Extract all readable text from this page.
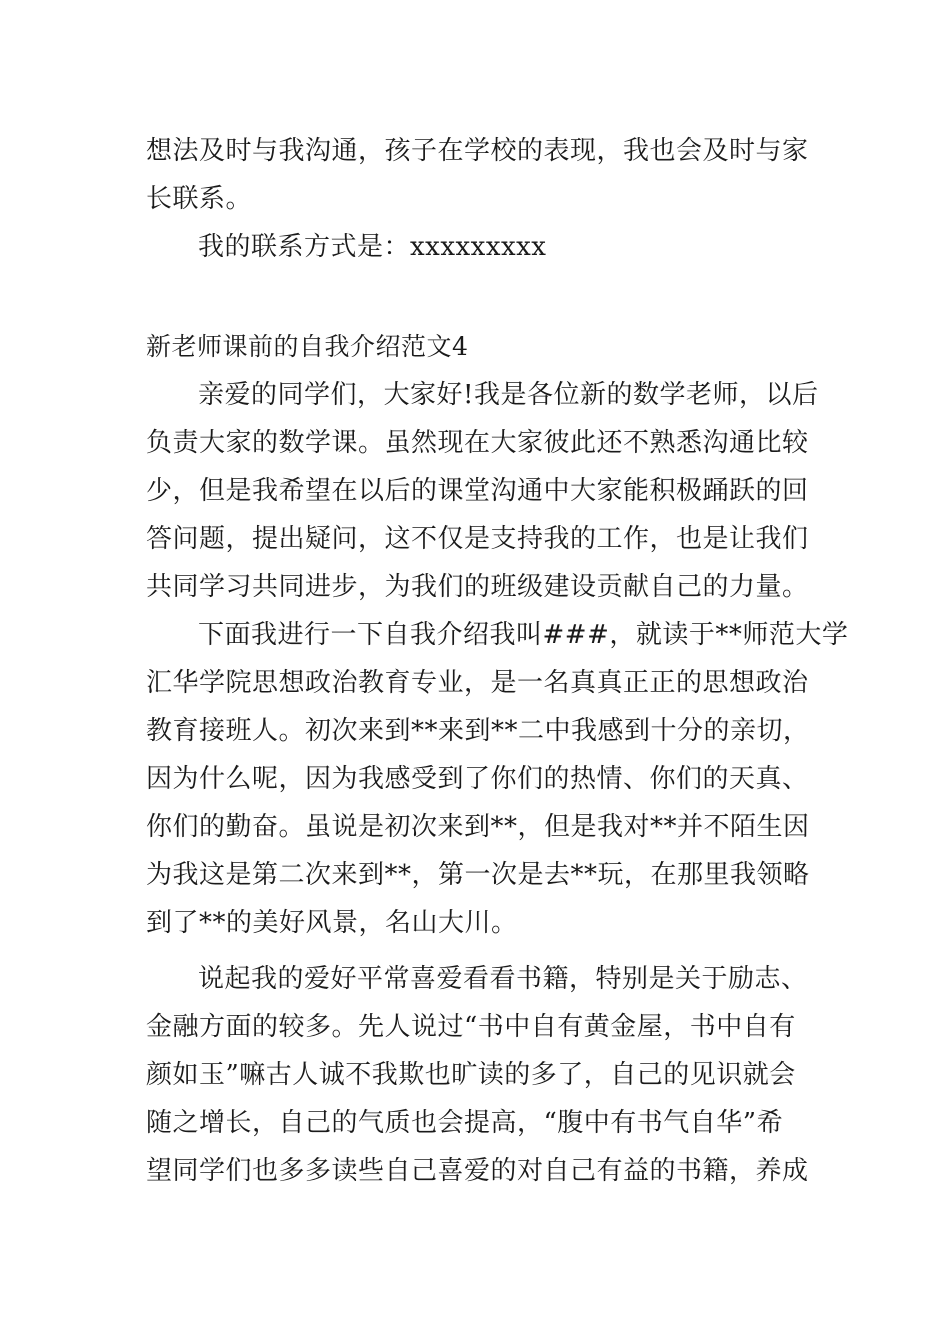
想法及时与我沟通，孩子在学校的表现，我也会及时与家
长联系。
我的联系方式是：xxxxxxxxx
新老师课前的自我介绍范文4
亲爱的同学们，大家好!我是各位新的数学老师，以后
负责大家的数学课。虽然现在大家彼此还不熟悉沟通比较
少，但是我希望在以后的课堂沟通中大家能积极踊跃的回
答问题，提出疑问，这不仅是支持我的工作，也是让我们
共同学习共同进步，为我们的班级建设贡献自己的力量。
下面我进行一下自我介绍我叫###，就读于**师范大学
汇华学院思想政治教育专业，是一名真真正正的思想政治
教育接班人。初次来到**来到**二中我感到十分的亲切，
因为什么呢，因为我感受到了你们的热情、你们的天真、
你们的勤奋。虽说是初次来到**，但是我对**并不陌生因
为我这是第二次来到**，第一次是去**玩，在那里我领略
到了**的美好风景，名山大川。
说起我的爱好平常喜爱看看书籍，特别是关于励志、
金融方面的较多。先人说过“书中自有黄金屋，书中自有
颜如玉”嘛古人诚不我欺也旷读的多了，自己的见识就会
随之增长，自己的气质也会提高，“腹中有书气自华”希
望同学们也多多读些自己喜爱的对自己有益的书籍，养成
